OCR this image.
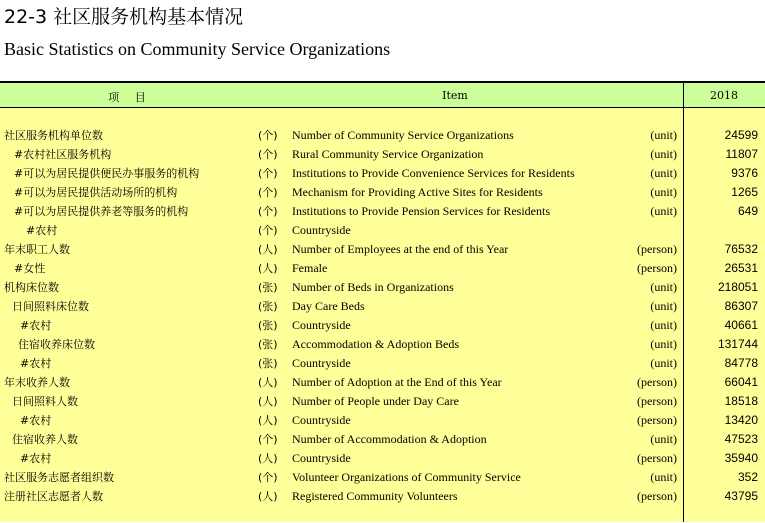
22-3 社区服务机构基本情况
Basic Statistics on Community Service Organizations
项 目	Item	2018
社区服务机构单位数	(个) Number of Community Service Organizations	(unit)	24599
#农村社区服务机构	(个) Rural Community Service Organization	(unit)	11807
#可以为居民提供便民办事服务的机构	(个) Institutions to Provide Convenience Services for Residents	(unit)	9376
#可以为居民提供活动场所的机构	(个) Mechanism for Providing Active Sites for Residents	(unit)	1265
#可以为居民提供养老等服务的机构	(个) Institutions to Provide Pension Services for Residents	(unit)	649
#农村	(个) Countryside
年末职工人数	(人) Number of Employees at the end of this Year	(person)	76532
#女性	(人) Female	(person)	26531
机构床位数	(张) Number of Beds in Organizations	(unit)	218051
日间照料床位数	(张) Day Care Beds	(unit)	86307
#农村	(张) Countryside	(unit)	40661
住宿收养床位数	(张) Accommodation & Adoption Beds	(unit)	131744
#农村	(张) Countryside	(unit)	84778
年末收养人数	(人) Number of Adoption at the End of this Year	(person)	66041
日间照料人数	(人) Number of People under Day Care	(person)	18518
#农村	(人) Countryside	(person)	13420
住宿收养人数	(个) Number of Accommodation & Adoption	(unit)	47523
#农村	(人) Countryside	(person)	35940
社区服务志愿者组织数	(个) Volunteer Organizations of Community Service	(unit)	352
注册社区志愿者人数	(人) Registered Community Volunteers	(person)	43795
